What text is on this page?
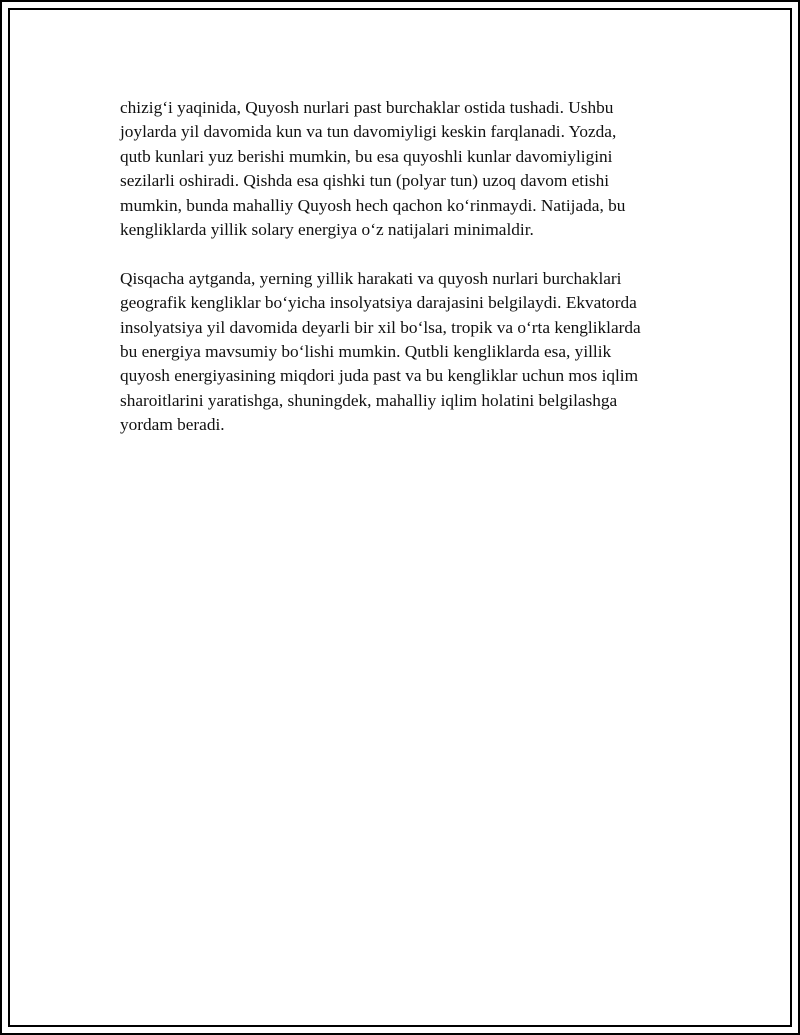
chizig‘i yaqinida, Quyosh nurlari past burchaklar ostida tushadi. Ushbu
joylarda yil davomida kun va tun davomiyligi keskin farqlanadi. Yozda,
qutb kunlari yuz berishi mumkin, bu esa quyoshli kunlar davomiyligini
sezilarli oshiradi. Qishda esa qishki tun (polyar tun) uzoq davom etishi
mumkin, bunda mahalliy Quyosh hech qachon ko‘rinmaydi. Natijada, bu
kengliklarda yillik solary energiya o‘z natijalari minimaldir.

Qisqacha aytganda, yerning yillik harakati va quyosh nurlari burchaklari
geografik kengliklar bo‘yicha insolyatsiya darajasini belgilaydi. Ekvatorda
insolyatsiya yil davomida deyarli bir xil bo‘lsa, tropik va o‘rta kengliklarda
bu energiya mavsumiy bo‘lishi mumkin. Qutbli kengliklarda esa, yillik
quyosh energiyasining miqdori juda past va bu kengliklar uchun mos iqlim
sharoitlarini yaratishga, shuningdek, mahalliy iqlim holatini belgilashga
yordam beradi.
